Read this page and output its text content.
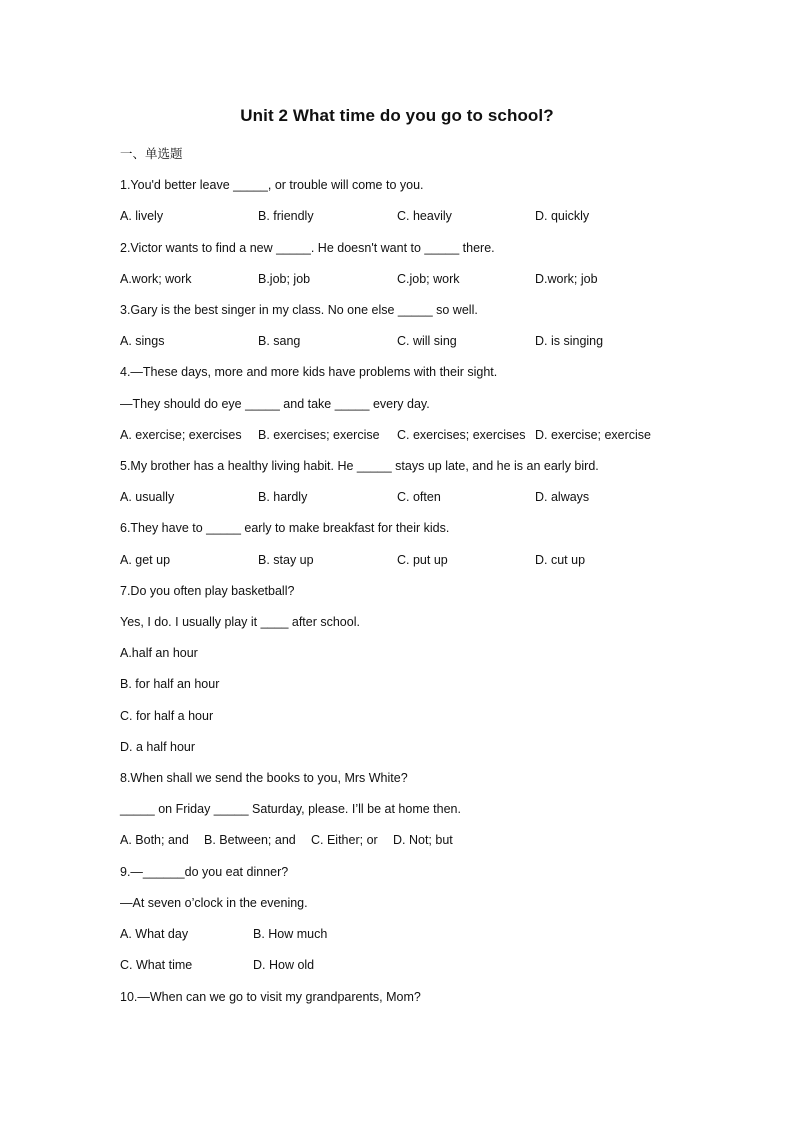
Unit 2 What time do you go to school?
一、单选题
1.You'd better leave _____, or trouble will come to you.
A. lively	B. friendly	C. heavily	D. quickly
2.Victor wants to find a new _____. He doesn't want to _____ there.
A.work; work	B.job; job	C.job; work	D.work; job
3.Gary is the best singer in my class. No one else _____ so well.
A. sings	B. sang	C. will sing	D. is singing
4.—These days, more and more kids have problems with their sight.
—They should do eye _____ and take _____ every day.
A. exercise; exercises B. exercises; exercise C. exercises; exercises D. exercise; exercise
5.My brother has a healthy living habit. He _____ stays up late, and he is an early bird.
A. usually	B. hardly	C. often	D. always
6.They have to _____ early to make breakfast for their kids.
A. get up	B. stay up	C. put up	D. cut up
7.Do you often play basketball?
Yes, I do. I usually play it ____ after school.
A.half an hour
B. for half an hour
C. for half a hour
D. a half hour
8.When shall we send the books to you, Mrs White?
_____ on Friday _____ Saturday, please. I’ll be at home then.
A. Both; and B. Between; and C. Either; or D. Not; but
9.—______do you eat dinner?
—At seven o’clock in the evening.
A. What day	B. How much
C. What time	D. How old
10.—When can we go to visit my grandparents, Mom?
